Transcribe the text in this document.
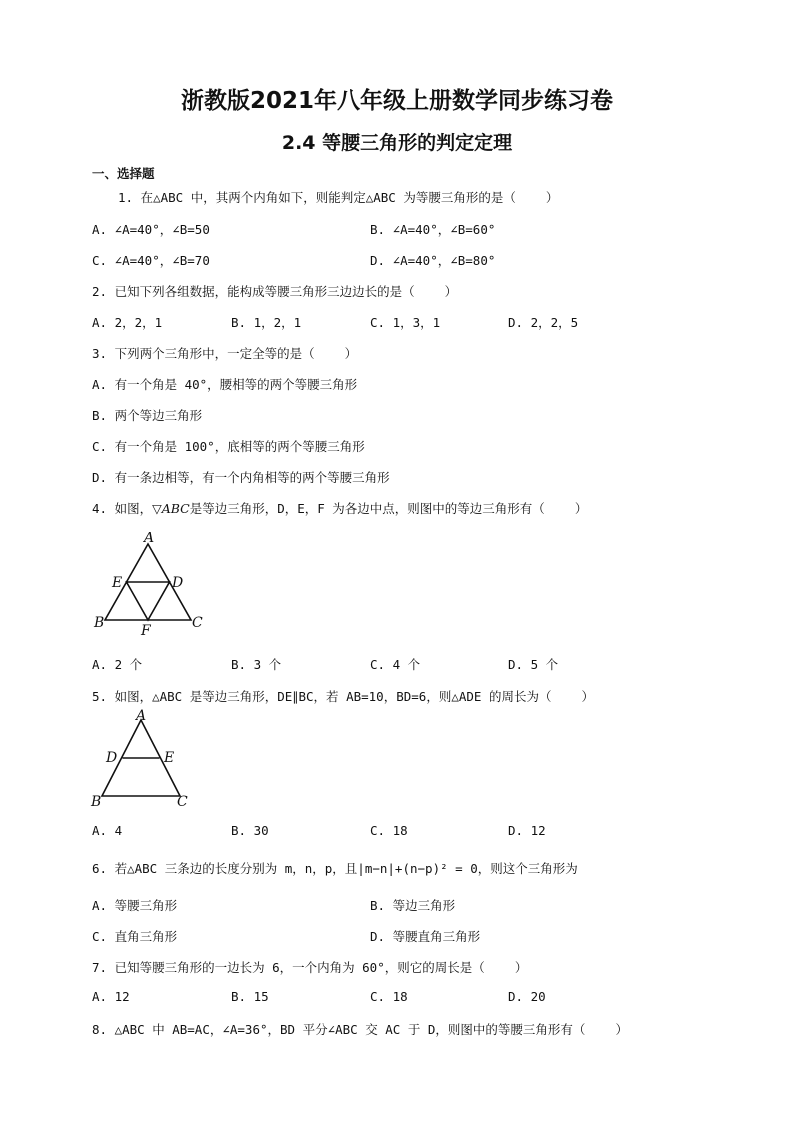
浙教版2021年八年级上册数学同步练习卷
2.4 等腰三角形的判定定理
一、选择题
1. 在△ABC 中，其两个内角如下，则能判定△ABC 为等腰三角形的是（    ）
A. ∠A=40°，∠B=50	B. ∠A=40°，∠B=60°
C. ∠A=40°，∠B=70	D. ∠A=40°，∠B=80°
2. 已知下列各组数据，能构成等腰三角形三边边长的是（    ）
A. 2，2，1	B. 1，2，1	C. 1，3，1	D. 2，2，5
3. 下列两个三角形中，一定全等的是（    ）
A. 有一个角是 40°，腰相等的两个等腰三角形
B. 两个等边三角形
C. 有一个角是 100°，底相等的两个等腰三角形
D. 有一条边相等，有一个内角相等的两个等腰三角形
4. 如图，▽ABC是等边三角形，D，E，F 为各边中点，则图中的等边三角形有（    ）
A
E	D
B	F	C
A. 2 个	B. 3 个	C. 4 个	D. 5 个
5. 如图，△ABC 是等边三角形，DE∥BC，若 AB=10，BD=6，则△ADE 的周长为（    ）
A
D	E
B	C
A. 4	B. 30	C. 18	D. 12
6. 若△ABC 三条边的长度分别为 m，n，p，且|m−n|+(n−p)² = 0，则这个三角形为
A. 等腰三角形	B. 等边三角形
C. 直角三角形	D. 等腰直角三角形
7. 已知等腰三角形的一边长为 6，一个内角为 60°，则它的周长是（    ）
A. 12	B. 15	C. 18	D. 20
8. △ABC 中 AB=AC，∠A=36°，BD 平分∠ABC 交 AC 于 D，则图中的等腰三角形有（    ）
